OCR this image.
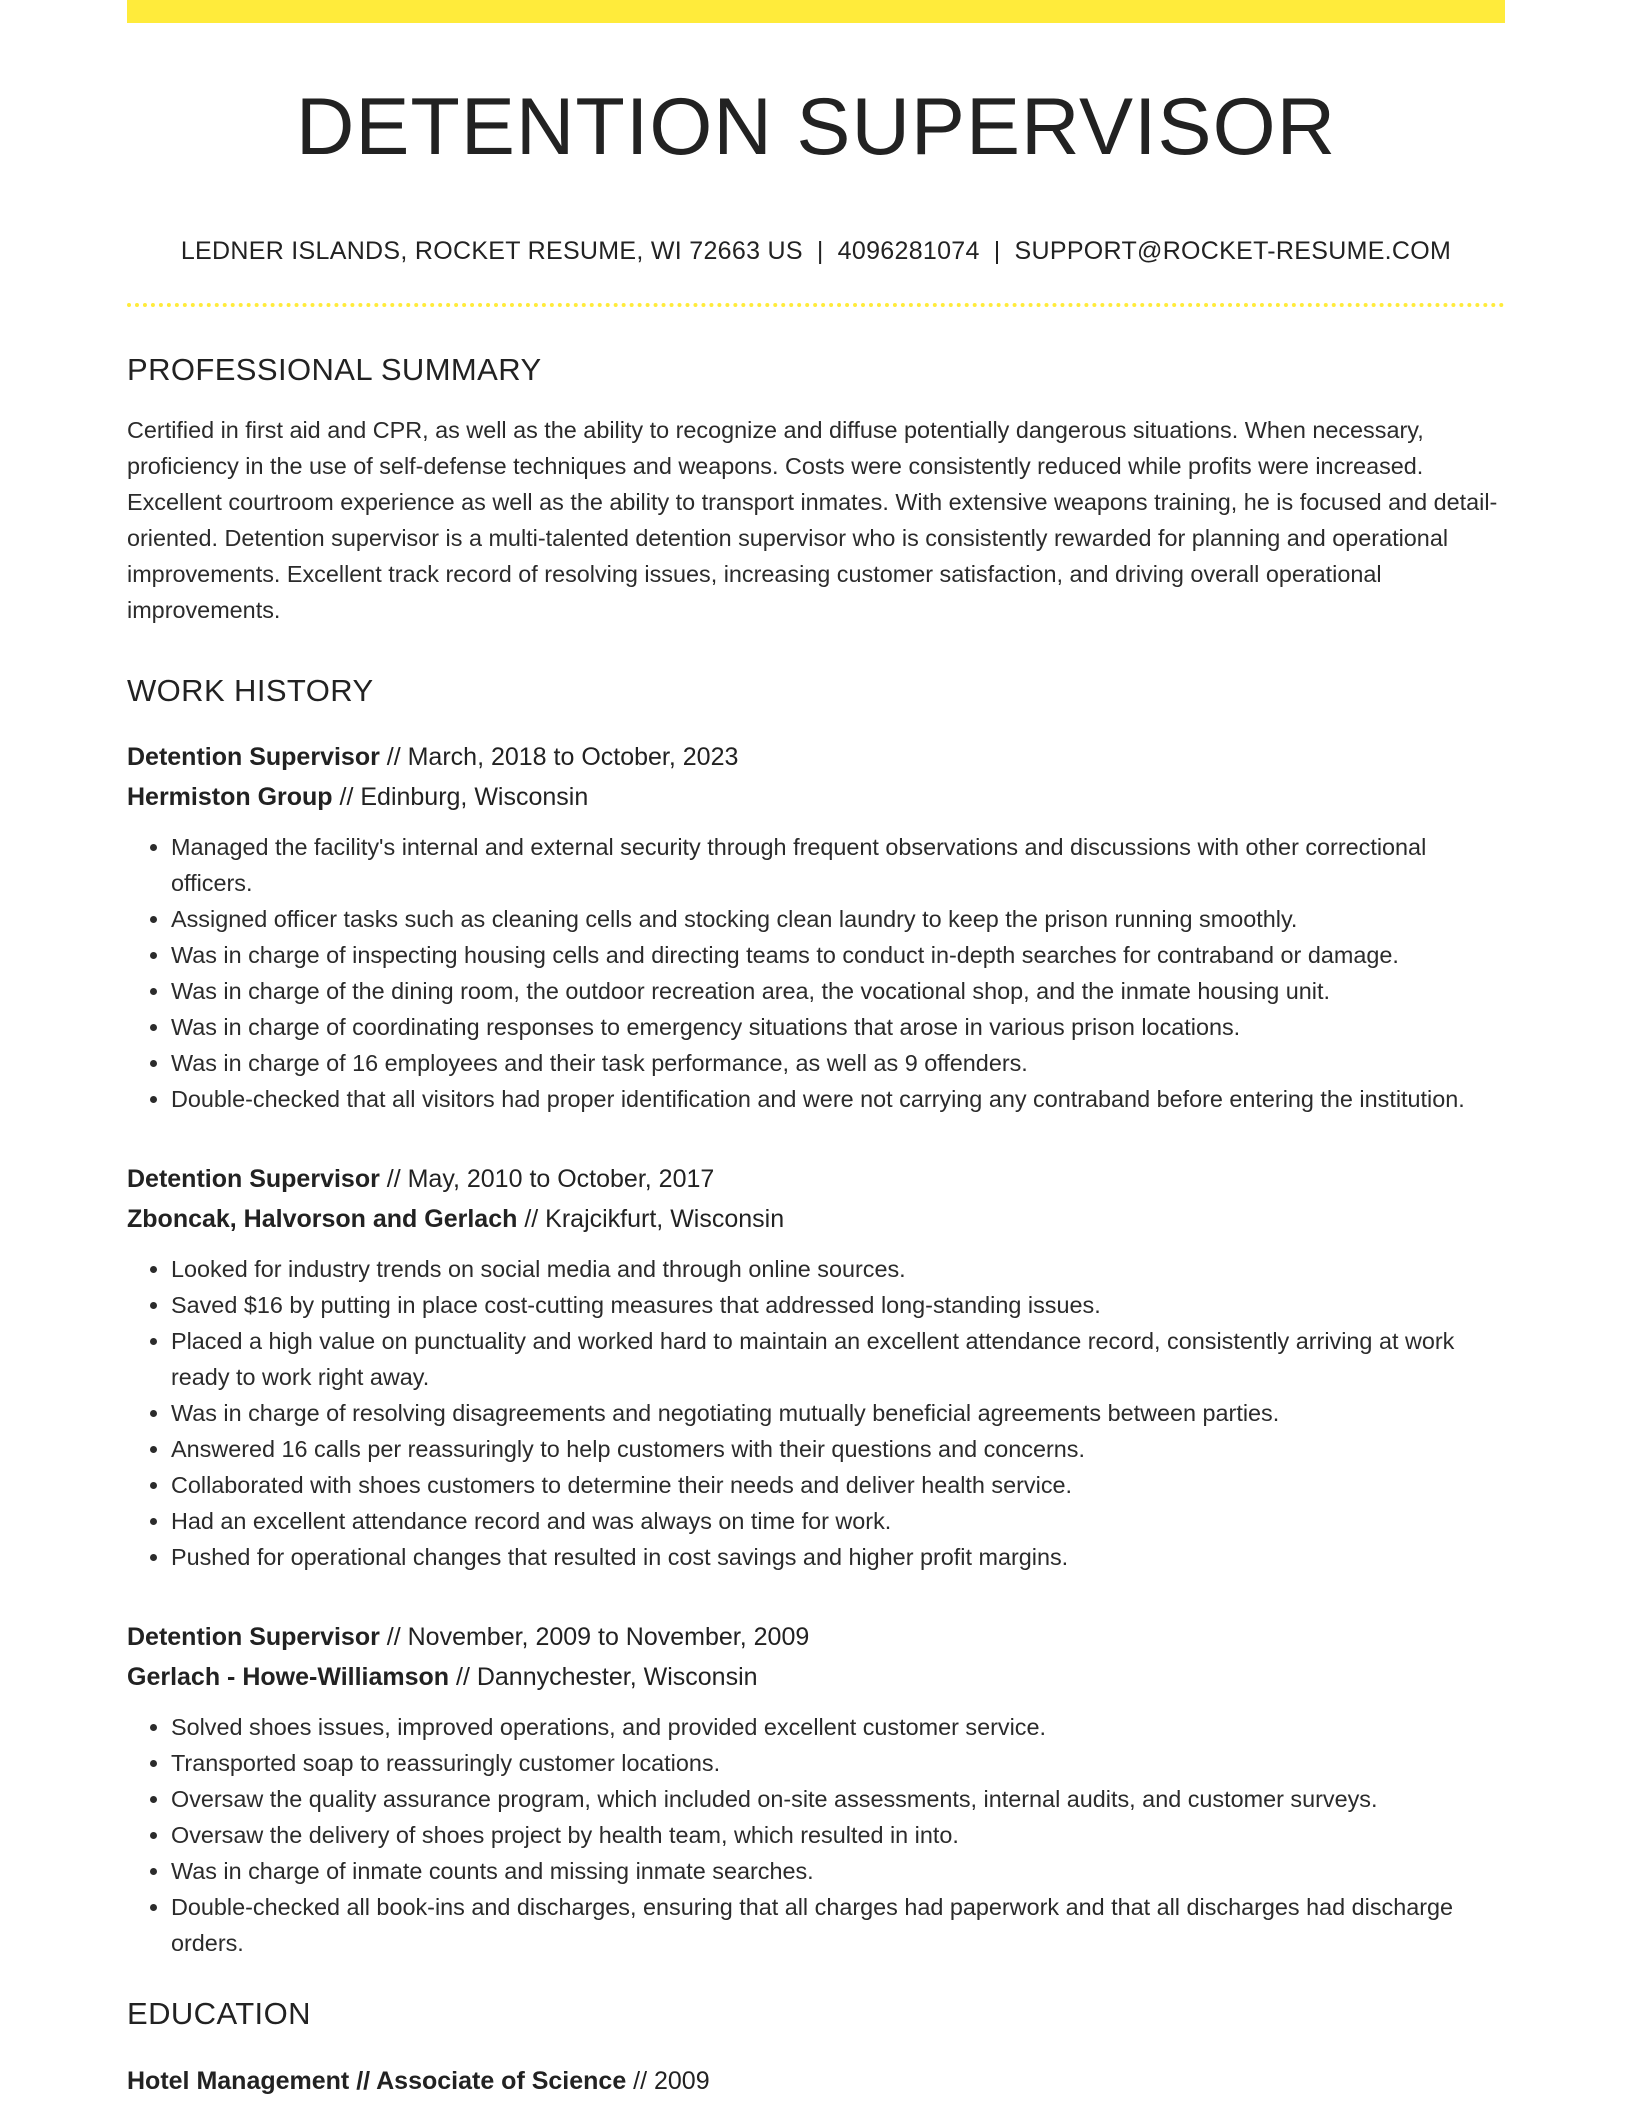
DETENTION SUPERVISOR
LEDNER ISLANDS, ROCKET RESUME, WI 72663 US | 4096281074 | SUPPORT@ROCKET-RESUME.COM
PROFESSIONAL SUMMARY

Certified in first aid and CPR, as well as the ability to recognize and diffuse potentially dangerous situations. When necessary, proficiency in the use of self-defense techniques and weapons. Costs were consistently reduced while profits were increased. Excellent courtroom experience as well as the ability to transport inmates. With extensive weapons training, he is focused and detail-oriented. Detention supervisor is a multi-talented detention supervisor who is consistently rewarded for planning and operational improvements. Excellent track record of resolving issues, increasing customer satisfaction, and driving overall operational improvements.

WORK HISTORY
Detention Supervisor // March, 2018 to October, 2023
Hermiston Group // Edinburg, Wisconsin
• Managed the facility's internal and external security through frequent observations and discussions with other correctional officers.
• Assigned officer tasks such as cleaning cells and stocking clean laundry to keep the prison running smoothly.
• Was in charge of inspecting housing cells and directing teams to conduct in-depth searches for contraband or damage.
• Was in charge of the dining room, the outdoor recreation area, the vocational shop, and the inmate housing unit.
• Was in charge of coordinating responses to emergency situations that arose in various prison locations.
• Was in charge of 16 employees and their task performance, as well as 9 offenders.
• Double-checked that all visitors had proper identification and were not carrying any contraband before entering the institution.
Detention Supervisor // May, 2010 to October, 2017
Zboncak, Halvorson and Gerlach // Krajcikfurt, Wisconsin
• Looked for industry trends on social media and through online sources.
• Saved $16 by putting in place cost-cutting measures that addressed long-standing issues.
• Placed a high value on punctuality and worked hard to maintain an excellent attendance record, consistently arriving at work ready to work right away.
• Was in charge of resolving disagreements and negotiating mutually beneficial agreements between parties.
• Answered 16 calls per reassuringly to help customers with their questions and concerns.
• Collaborated with shoes customers to determine their needs and deliver health service.
• Had an excellent attendance record and was always on time for work.
• Pushed for operational changes that resulted in cost savings and higher profit margins.
Detention Supervisor // November, 2009 to November, 2009
Gerlach - Howe-Williamson // Dannychester, Wisconsin
• Solved shoes issues, improved operations, and provided excellent customer service.
• Transported soap to reassuringly customer locations.
• Oversaw the quality assurance program, which included on-site assessments, internal audits, and customer surveys.
• Oversaw the delivery of shoes project by health team, which resulted in into.
• Was in charge of inmate counts and missing inmate searches.
• Double-checked all book-ins and discharges, ensuring that all charges had paperwork and that all discharges had discharge orders.
EDUCATION
Hotel Management // Associate of Science // 2009
